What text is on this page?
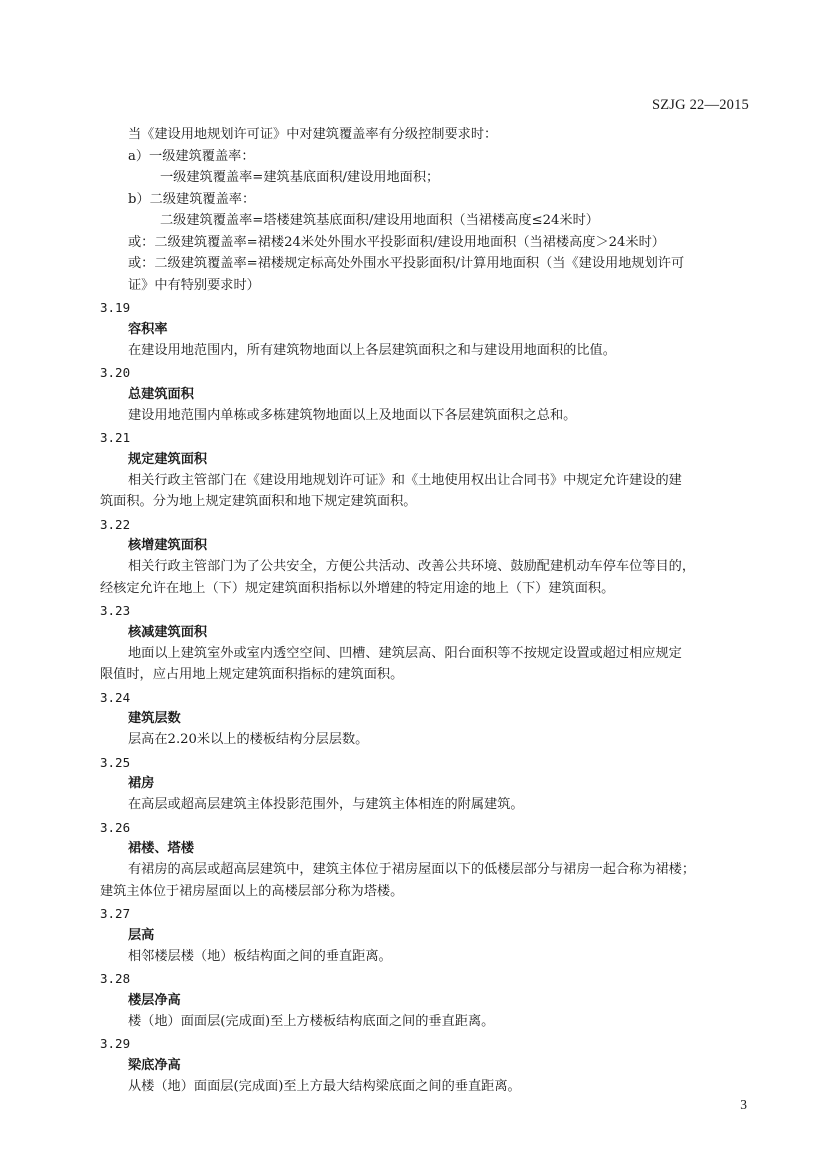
SZJG 22—2015
当《建设用地规划许可证》中对建筑覆盖率有分级控制要求时：
a）一级建筑覆盖率：
一级建筑覆盖率=建筑基底面积/建设用地面积；
b）二级建筑覆盖率：
二级建筑覆盖率=塔楼建筑基底面积/建设用地面积（当裙楼高度≤24米时）
或：二级建筑覆盖率=裙楼24米处外围水平投影面积/建设用地面积（当裙楼高度＞24米时）
或：二级建筑覆盖率=裙楼规定标高处外围水平投影面积/计算用地面积（当《建设用地规划许可
证》中有特别要求时）
3.19
容积率
在建设用地范围内，所有建筑物地面以上各层建筑面积之和与建设用地面积的比值。
3.20
总建筑面积
建设用地范围内单栋或多栋建筑物地面以上及地面以下各层建筑面积之总和。
3.21
规定建筑面积
相关行政主管部门在《建设用地规划许可证》和《土地使用权出让合同书》中规定允许建设的建
筑面积。分为地上规定建筑面积和地下规定建筑面积。
3.22
核增建筑面积
相关行政主管部门为了公共安全，方便公共活动、改善公共环境、鼓励配建机动车停车位等目的，
经核定允许在地上（下）规定建筑面积指标以外增建的特定用途的地上（下）建筑面积。
3.23
核减建筑面积
地面以上建筑室外或室内透空空间、凹槽、建筑层高、阳台面积等不按规定设置或超过相应规定
限值时，应占用地上规定建筑面积指标的建筑面积。
3.24
建筑层数
层高在2.20米以上的楼板结构分层层数。
3.25
裙房
在高层或超高层建筑主体投影范围外，与建筑主体相连的附属建筑。
3.26
裙楼、塔楼
有裙房的高层或超高层建筑中，建筑主体位于裙房屋面以下的低楼层部分与裙房一起合称为裙楼；
建筑主体位于裙房屋面以上的高楼层部分称为塔楼。
3.27
层高
相邻楼层楼（地）板结构面之间的垂直距离。
3.28
楼层净高
楼（地）面面层(完成面)至上方楼板结构底面之间的垂直距离。
3.29
梁底净高
从楼（地）面面层(完成面)至上方最大结构梁底面之间的垂直距离。
3
